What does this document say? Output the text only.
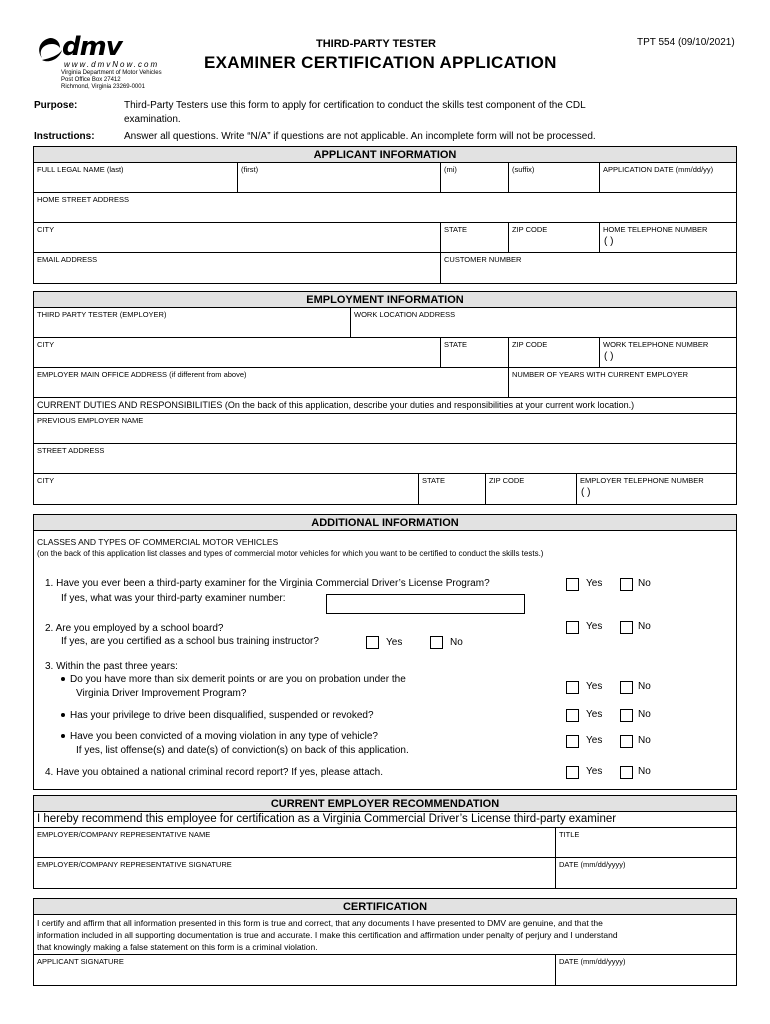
dmv
www.dmvNow.com
Virginia Department of Motor Vehicles
Post Office Box 27412
Richmond, Virginia 23269-0001
THIRD-PARTY TESTER
EXAMINER CERTIFICATION APPLICATION
TPT 554 (09/10/2021)
Purpose:	Third-Party Testers use this form to apply for certification to conduct the skills test component of the CDL
examination.
Instructions:	Answer all questions. Write “N/A” if questions are not applicable. An incomplete form will not be processed.
APPLICANT INFORMATION
FULL LEGAL NAME (last)	(first)	(mi)	(suffix)	APPLICATION DATE (mm/dd/yy)
HOME STREET ADDRESS
CITY	STATE	ZIP CODE	HOME TELEPHONE NUMBER
( )
EMAIL ADDRESS	CUSTOMER NUMBER
EMPLOYMENT INFORMATION
THIRD PARTY TESTER (EMPLOYER)	WORK LOCATION ADDRESS
CITY	STATE	ZIP CODE	WORK TELEPHONE NUMBER
( )
EMPLOYER MAIN OFFICE ADDRESS (if different from above)	NUMBER OF YEARS WITH CURRENT EMPLOYER
CURRENT DUTIES AND RESPONSIBILITIES (On the back of this application, describe your duties and responsibilities at your current work location.)
PREVIOUS EMPLOYER NAME
STREET ADDRESS
CITY	STATE	ZIP CODE	EMPLOYER TELEPHONE NUMBER
( )
ADDITIONAL INFORMATION
CLASSES AND TYPES OF COMMERCIAL MOTOR VEHICLES
(on the back of this application list classes and types of commercial motor vehicles for which you want to be certified to conduct the skills tests.)
1. Have you ever been a third-party examiner for the Virginia Commercial Driver’s License Program?
If yes, what was your third-party examiner number:
Yes	No
2. Are you employed by a school board?
If yes, are you certified as a school bus training instructor?	Yes	No
Yes	No
3. Within the past three years:
Do you have more than six demerit points or are you on probation under the
Virginia Driver Improvement Program?
Yes	No
Has your privilege to drive been disqualified, suspended or revoked?	Yes	No
Have you been convicted of a moving violation in any type of vehicle?
If yes, list offense(s) and date(s) of conviction(s) on back of this application.
Yes	No
4. Have you obtained a national criminal record report? If yes, please attach.	Yes	No
CURRENT EMPLOYER RECOMMENDATION
I hereby recommend this employee for certification as a Virginia Commercial Driver’s License third-party examiner
EMPLOYER/COMPANY REPRESENTATIVE NAME	TITLE
EMPLOYER/COMPANY REPRESENTATIVE SIGNATURE	DATE (mm/dd/yyyy)
CERTIFICATION
I certify and affirm that all information presented in this form is true and correct, that any documents I have presented to DMV are genuine, and that the
information included in all supporting documentation is true and accurate. I make this certification and affirmation under penalty of perjury and I understand
that knowingly making a false statement on this form is a criminal violation.
APPLICANT SIGNATURE	DATE (mm/dd/yyyy)
